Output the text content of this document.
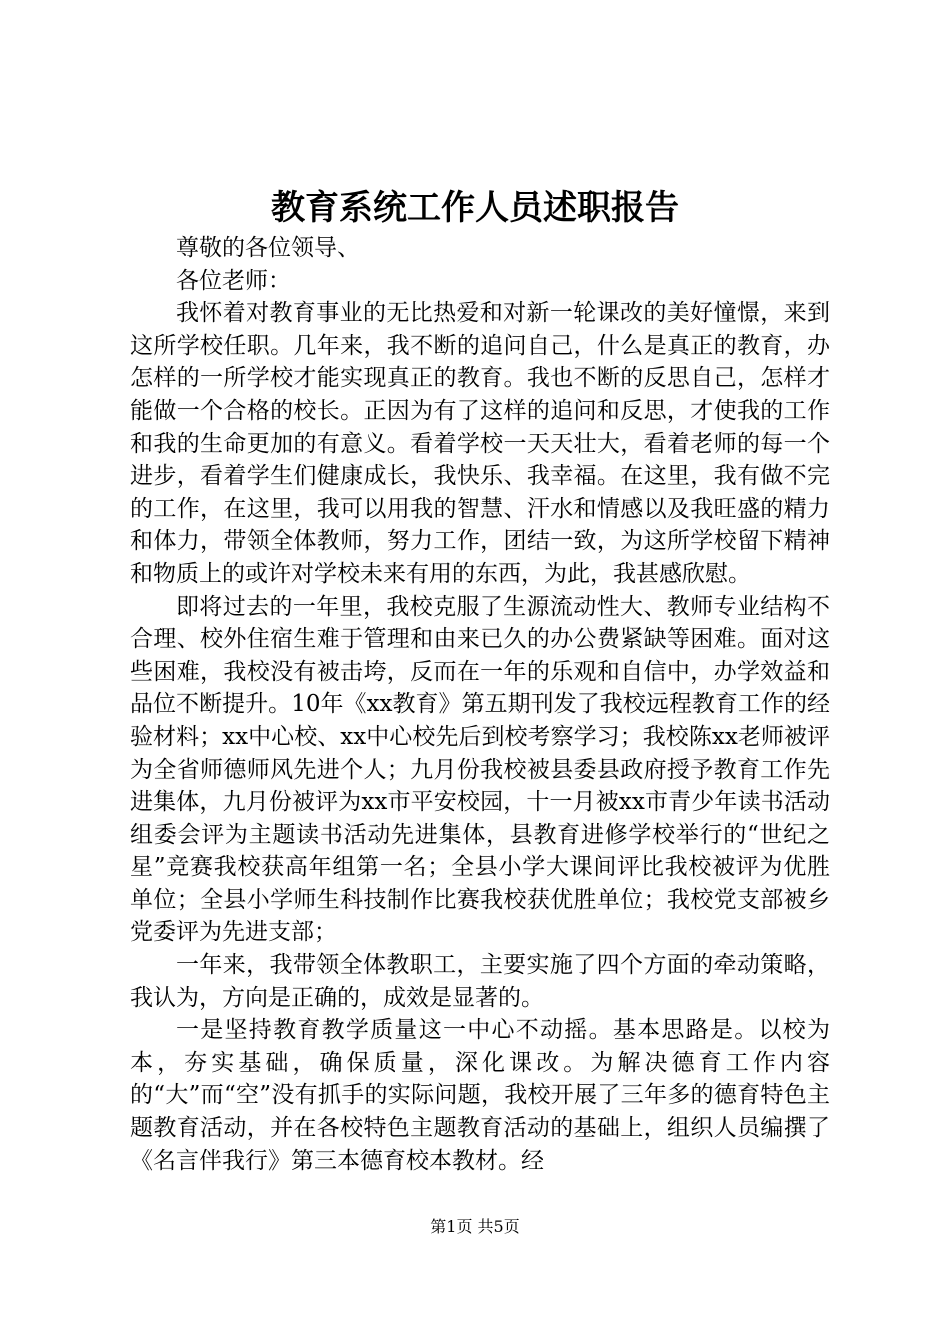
教育系统工作人员述职报告

尊敬的各位领导、

各位老师：

我怀着对教育事业的无比热爱和对新一轮课改的美好憧憬，来到这所学校任职。几年来，我不断的追问自己，什么是真正的教育，办怎样的一所学校才能实现真正的教育。我也不断的反思自己，怎样才能做一个合格的校长。正因为有了这样的追问和反思，才使我的工作和我的生命更加的有意义。看着学校一天天壮大，看着老师的每一个进步，看着学生们健康成长，我快乐、我幸福。在这里，我有做不完的工作，在这里，我可以用我的智慧、汗水和情感以及我旺盛的精力和体力，带领全体教师，努力工作，团结一致，为这所学校留下精神和物质上的或许对学校未来有用的东西，为此，我甚感欣慰。

即将过去的一年里，我校克服了生源流动性大、教师专业结构不合理、校外住宿生难于管理和由来已久的办公费紧缺等困难。面对这些困难，我校没有被击垮，反而在一年的乐观和自信中，办学效益和品位不断提升。10年《xx教育》第五期刊发了我校远程教育工作的经验材料；xx中心校、xx中心校先后到校考察学习；我校陈xx老师被评为全省师德师风先进个人；九月份我校被县委县政府授予教育工作先进集体，九月份被评为xx市平安校园，十一月被xx市青少年读书活动组委会评为主题读书活动先进集体，县教育进修学校举行的“世纪之星”竞赛我校获高年组第一名；全县小学大课间评比我校被评为优胜单位；全县小学师生科技制作比赛我校获优胜单位；我校党支部被乡党委评为先进支部；

一年来，我带领全体教职工，主要实施了四个方面的牵动策略，我认为，方向是正确的，成效是显著的。

一是坚持教育教学质量这一中心不动摇。基本思路是。以校为本，夯实基础，确保质量，深化课改。为解决德育工作内容的“大”而“空”没有抓手的实际问题，我校开展了三年多的德育特色主题教育活动，并在各校特色主题教育活动的基础上，组织人员编撰了《名言伴我行》第三本德育校本教材。经

第1页 共5页
